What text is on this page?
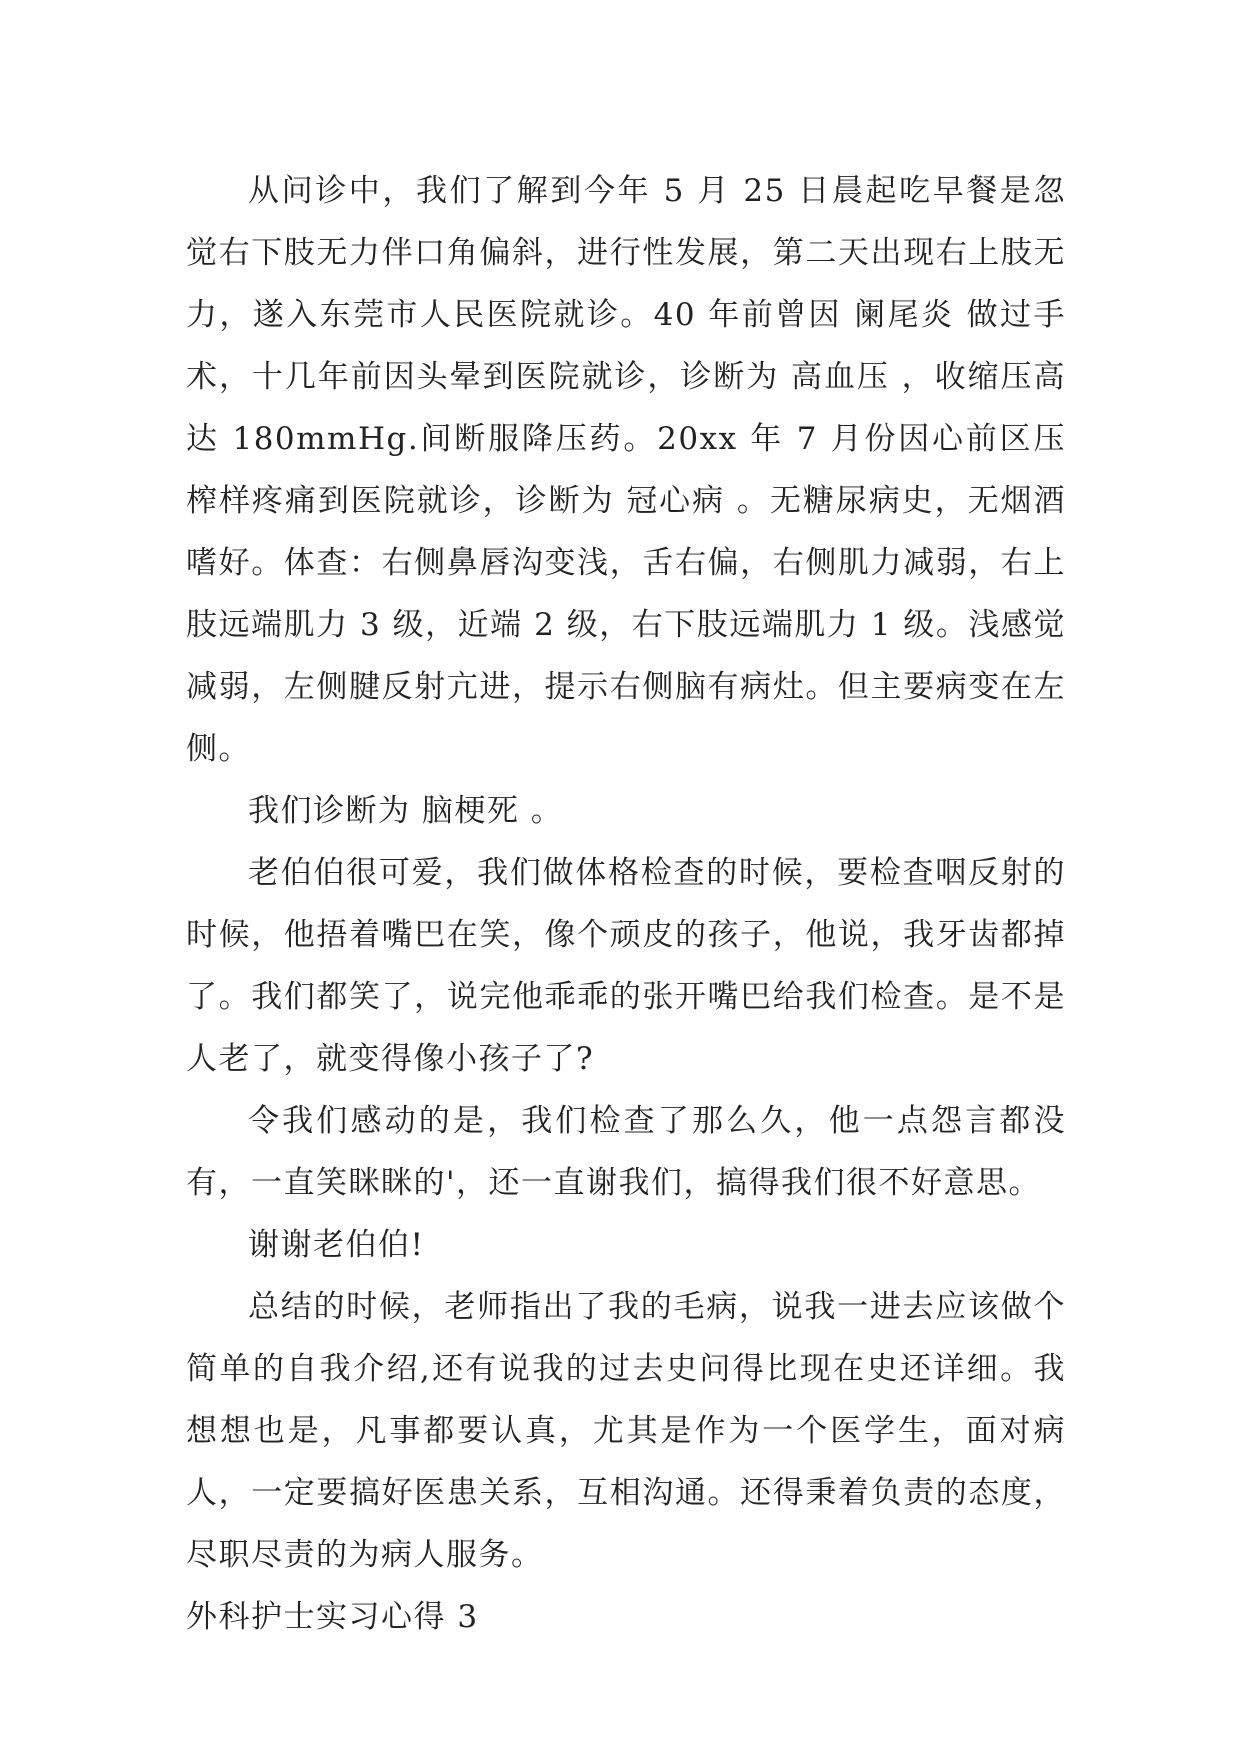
从问诊中，我们了解到今年 5 月 25 日晨起吃早餐是忽觉右下肢无力伴口角偏斜，进行性发展，第二天出现右上肢无力，遂入东莞市人民医院就诊。40 年前曾因 阑尾炎 做过手术，十几年前因头晕到医院就诊，诊断为 高血压 ，收缩压高达 180mmHg.间断服降压药。20xx 年 7 月份因心前区压榨样疼痛到医院就诊，诊断为 冠心病 。无糖尿病史，无烟酒嗜好。体查：右侧鼻唇沟变浅，舌右偏，右侧肌力减弱，右上肢远端肌力 3 级，近端 2 级，右下肢远端肌力 1 级。浅感觉减弱，左侧腱反射亢进，提示右侧脑有病灶。但主要病变在左侧。

我们诊断为 脑梗死 。

老伯伯很可爱，我们做体格检查的时候，要检查咽反射的时候，他捂着嘴巴在笑，像个顽皮的孩子，他说，我牙齿都掉了。我们都笑了，说完他乖乖的张开嘴巴给我们检查。是不是人老了，就变得像小孩子了?

令我们感动的是，我们检查了那么久，他一点怨言都没有，一直笑眯眯的'，还一直谢我们，搞得我们很不好意思。

谢谢老伯伯!

总结的时候，老师指出了我的毛病，说我一进去应该做个简单的自我介绍,还有说我的过去史问得比现在史还详细。我想想也是，凡事都要认真，尤其是作为一个医学生，面对病人，一定要搞好医患关系，互相沟通。还得秉着负责的态度，尽职尽责的为病人服务。

外科护士实习心得 3
